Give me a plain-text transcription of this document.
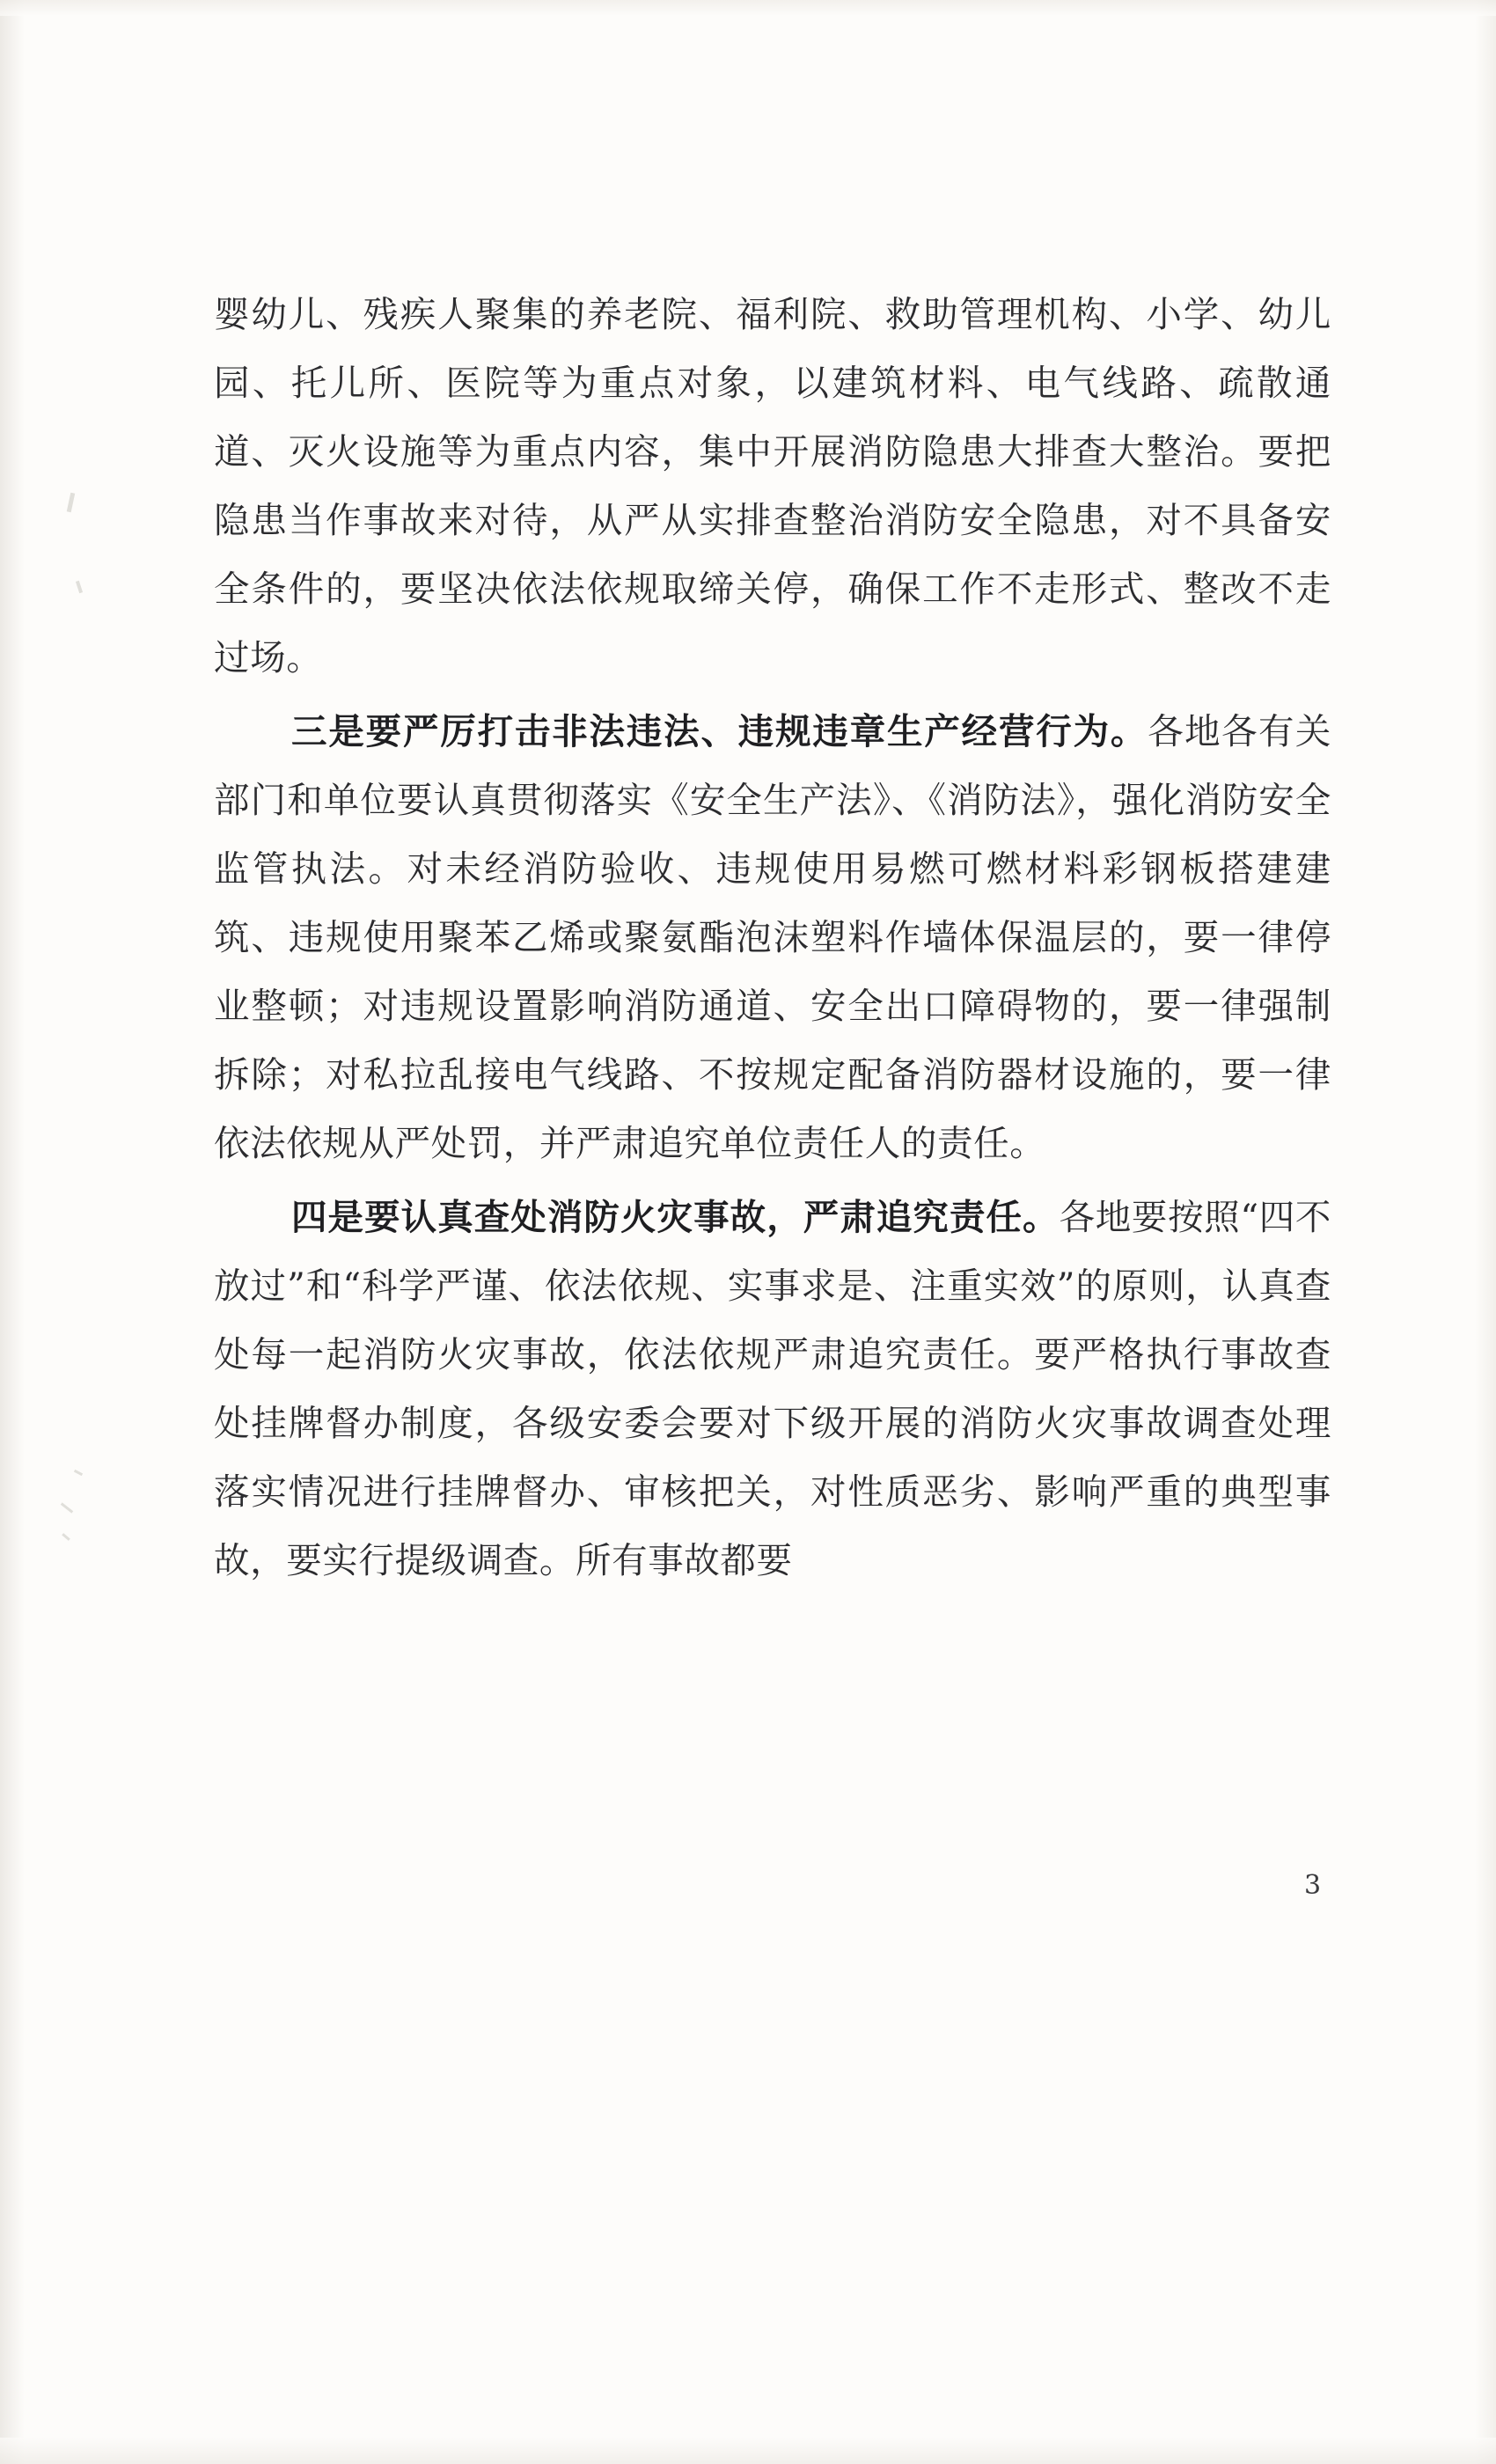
婴幼儿、残疾人聚集的养老院、福利院、救助管理机构、小学、幼儿园、托儿所、医院等为重点对象，以建筑材料、电气线路、疏散通道、灭火设施等为重点内容，集中开展消防隐患大排查大整治。要把隐患当作事故来对待，从严从实排查整治消防安全隐患，对不具备安全条件的，要坚决依法依规取缔关停，确保工作不走形式、整改不走过场。

三是要严厉打击非法违法、违规违章生产经营行为。各地各有关部门和单位要认真贯彻落实《安全生产法》、《消防法》，强化消防安全监管执法。对未经消防验收、违规使用易燃可燃材料彩钢板搭建建筑、违规使用聚苯乙烯或聚氨酯泡沫塑料作墙体保温层的，要一律停业整顿；对违规设置影响消防通道、安全出口障碍物的，要一律强制拆除；对私拉乱接电气线路、不按规定配备消防器材设施的，要一律依法依规从严处罚，并严肃追究单位责任人的责任。

四是要认真查处消防火灾事故，严肃追究责任。各地要按照“四不放过”和“科学严谨、依法依规、实事求是、注重实效”的原则，认真查处每一起消防火灾事故，依法依规严肃追究责任。要严格执行事故查处挂牌督办制度，各级安委会要对下级开展的消防火灾事故调查处理落实情况进行挂牌督办、审核把关，对性质恶劣、影响严重的典型事故，要实行提级调查。所有事故都要

3
